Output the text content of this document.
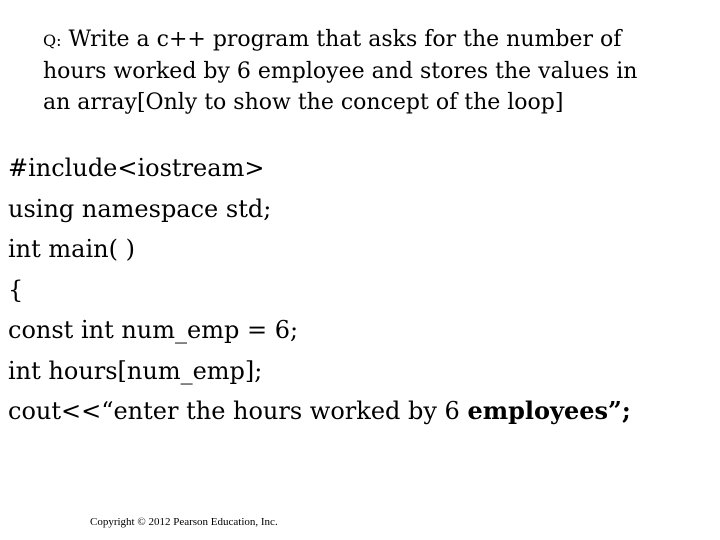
Q: Write a c++ program that asks for the number of
hours worked by 6 employee and stores the values in
an array[Only to show the concept of the loop]
#include<iostream>
using namespace std;
int main( )
{
const int num_emp = 6;
int hours[num_emp];
cout<<“enter the hours worked by 6 employees”;
Copyright © 2012 Pearson Education, Inc.
